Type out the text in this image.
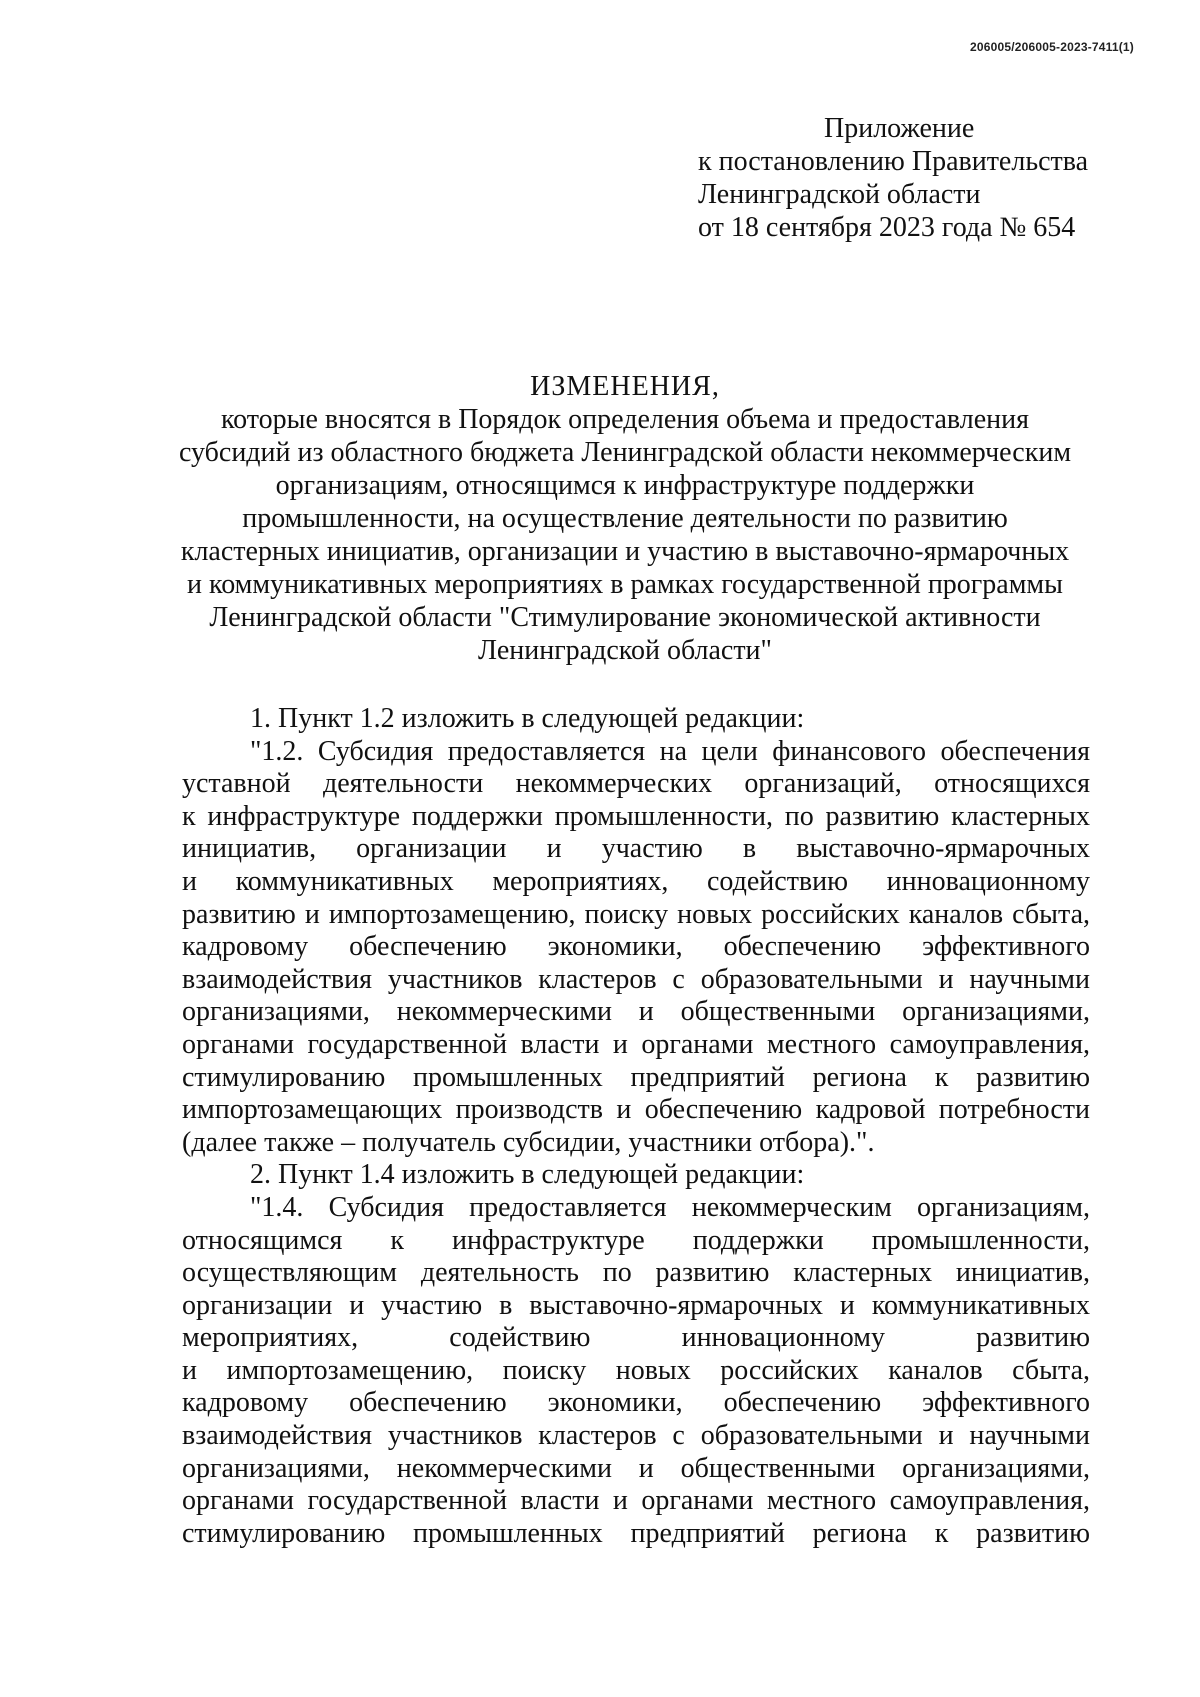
206005/206005-2023-7411(1)
Приложение
к постановлению Правительства
Ленинградской области
от 18 сентября 2023 года № 654
ИЗМЕНЕНИЯ,
которые вносятся в Порядок определения объема и предоставления
субсидий из областного бюджета Ленинградской области некоммерческим
организациям, относящимся к инфраструктуре поддержки
промышленности, на осуществление деятельности по развитию
кластерных инициатив, организации и участию в выставочно-ярмарочных
и коммуникативных мероприятиях в рамках государственной программы
Ленинградской области "Стимулирование экономической активности
Ленинградской области"
1. Пункт 1.2 изложить в следующей редакции:
"1.2. Субсидия предоставляется на цели финансового обеспечения
уставной деятельности некоммерческих организаций, относящихся
к инфраструктуре поддержки промышленности, по развитию кластерных
инициатив, организации и участию в выставочно-ярмарочных
и коммуникативных мероприятиях, содействию инновационному
развитию и импортозамещению, поиску новых российских каналов сбыта,
кадровому обеспечению экономики, обеспечению эффективного
взаимодействия участников кластеров с образовательными и научными
организациями, некоммерческими и общественными организациями,
органами государственной власти и органами местного самоуправления,
стимулированию промышленных предприятий региона к развитию
импортозамещающих производств и обеспечению кадровой потребности
(далее также – получатель субсидии, участники отбора).".
2. Пункт 1.4 изложить в следующей редакции:
"1.4. Субсидия предоставляется некоммерческим организациям,
относящимся к инфраструктуре поддержки промышленности,
осуществляющим деятельность по развитию кластерных инициатив,
организации и участию в выставочно-ярмарочных и коммуникативных
мероприятиях, содействию инновационному развитию
и импортозамещению, поиску новых российских каналов сбыта,
кадровому обеспечению экономики, обеспечению эффективного
взаимодействия участников кластеров с образовательными и научными
организациями, некоммерческими и общественными организациями,
органами государственной власти и органами местного самоуправления,
стимулированию промышленных предприятий региона к развитию
